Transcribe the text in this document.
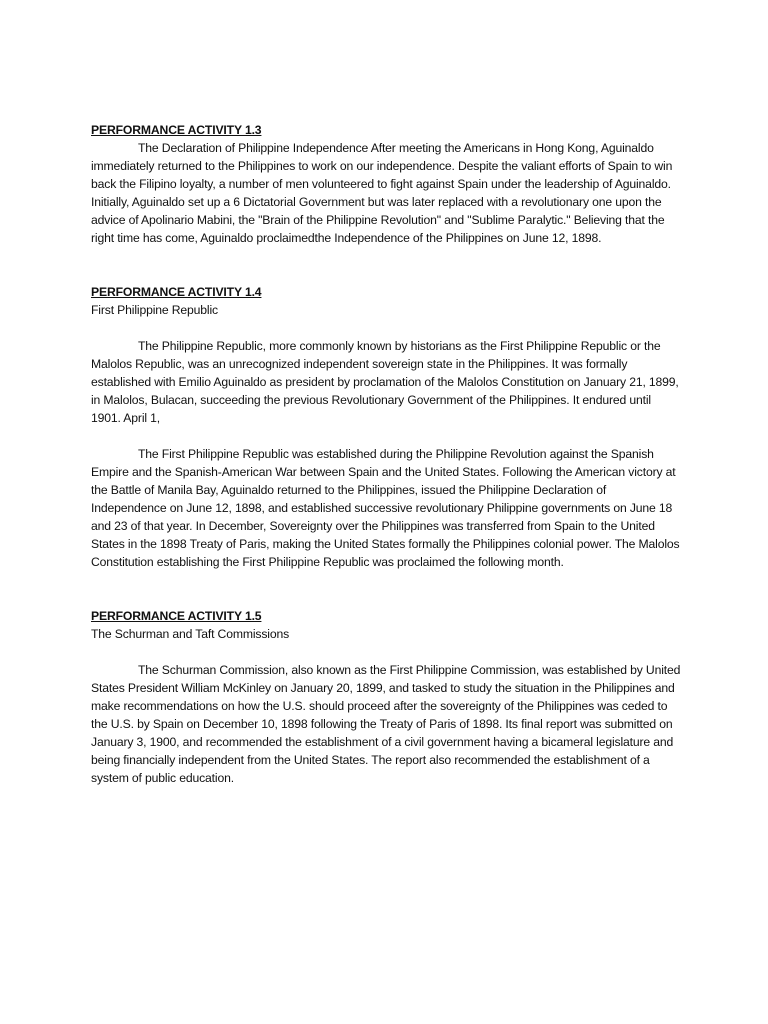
PERFORMANCE ACTIVITY 1.3

The Declaration of Philippine Independence After meeting the Americans in Hong Kong, Aguinaldo immediately returned to the Philippines to work on our independence. Despite the valiant efforts of Spain to win back the Filipino loyalty, a number of men volunteered to fight against Spain under the leadership of Aguinaldo. Initially, Aguinaldo set up a 6 Dictatorial Government but was later replaced with a revolutionary one upon the advice of Apolinario Mabini, the "Brain of the Philippine Revolution" and "Sublime Paralytic." Believing that the right time has come, Aguinaldo proclaimedthe Independence of the Philippines on June 12, 1898.

PERFORMANCE ACTIVITY 1.4

First Philippine Republic

The Philippine Republic, more commonly known by historians as the First Philippine Republic or the Malolos Republic, was an unrecognized independent sovereign state in the Philippines. It was formally established with Emilio Aguinaldo as president by proclamation of the Malolos Constitution on January 21, 1899, in Malolos, Bulacan, succeeding the previous Revolutionary Government of the Philippines. It endured until 1901. April 1,

The First Philippine Republic was established during the Philippine Revolution against the Spanish Empire and the Spanish-American War between Spain and the United States. Following the American victory at the Battle of Manila Bay, Aguinaldo returned to the Philippines, issued the Philippine Declaration of Independence on June 12, 1898, and established successive revolutionary Philippine governments on June 18 and 23 of that year. In December, Sovereignty over the Philippines was transferred from Spain to the United States in the 1898 Treaty of Paris, making the United States formally the Philippines colonial power. The Malolos Constitution establishing the First Philippine Republic was proclaimed the following month.

PERFORMANCE ACTIVITY 1.5

The Schurman and Taft Commissions

The Schurman Commission, also known as the First Philippine Commission, was established by United States President William McKinley on January 20, 1899, and tasked to study the situation in the Philippines and make recommendations on how the U.S. should proceed after the sovereignty of the Philippines was ceded to the U.S. by Spain on December 10, 1898 following the Treaty of Paris of 1898. Its final report was submitted on January 3, 1900, and recommended the establishment of a civil government having a bicameral legislature and being financially independent from the United States. The report also recommended the establishment of a system of public education.
